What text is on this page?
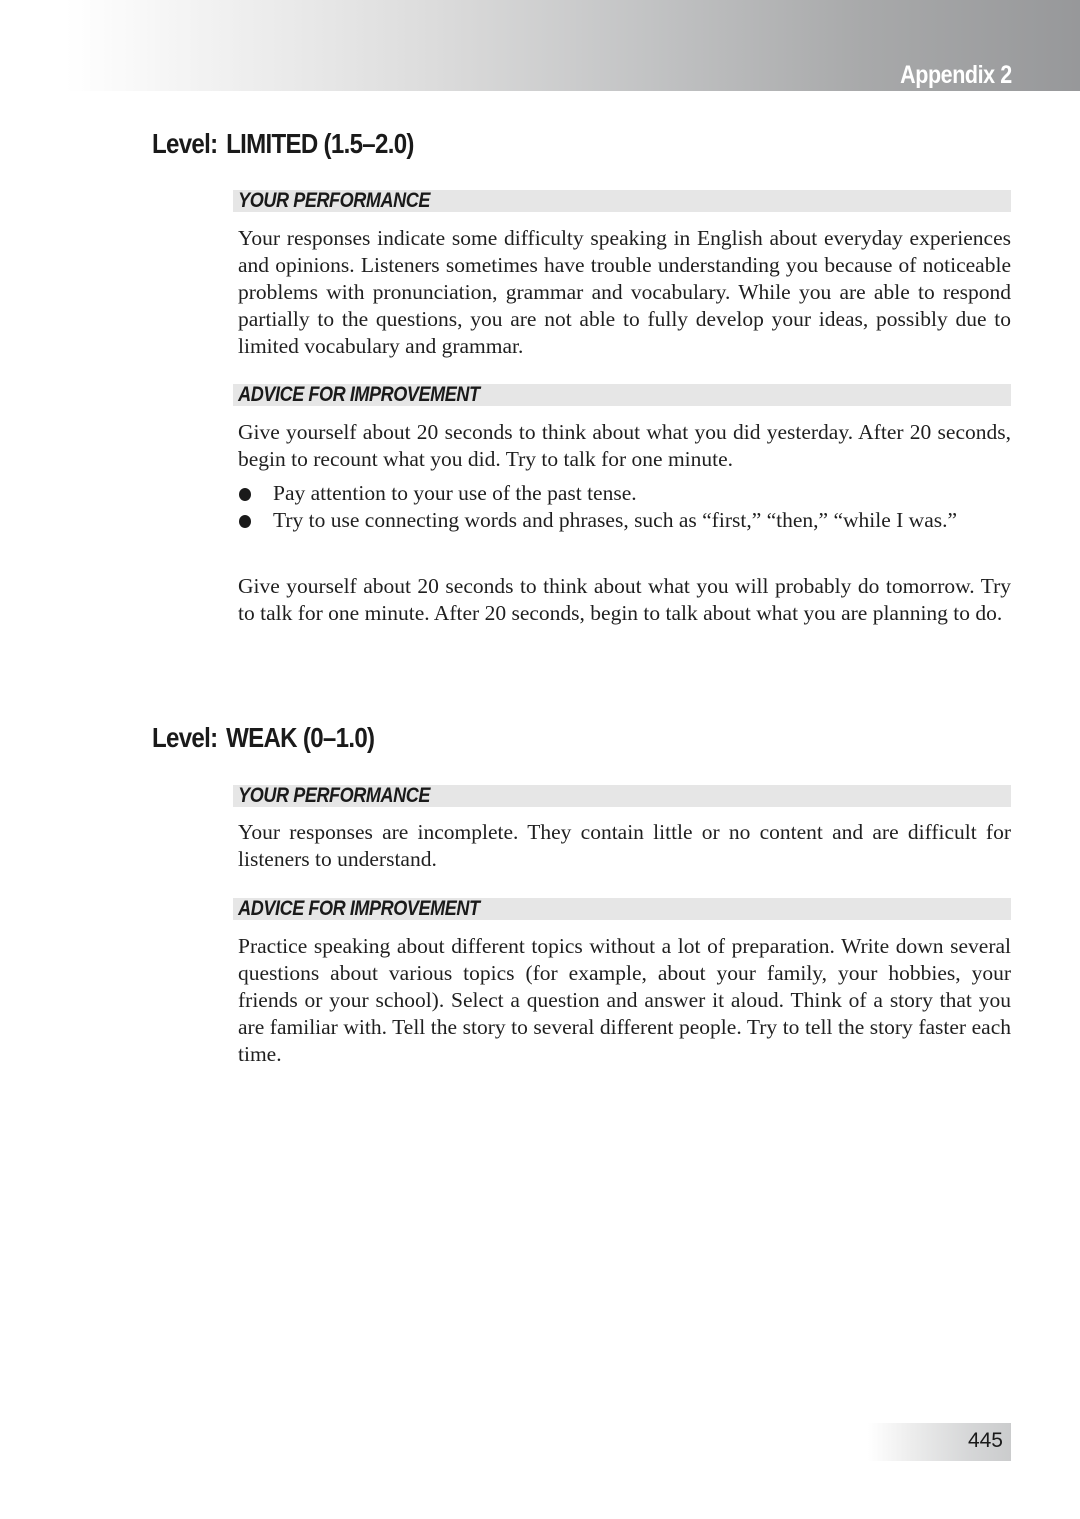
Appendix 2
Level: LIMITED (1.5–2.0)
YOUR PERFORMANCE

Your responses indicate some difficulty speaking in English about everyday experiences and opinions. Listeners sometimes have trouble understanding you because of noticeable problems with pronunciation, grammar and vocabulary. While you are able to respond partially to the questions, you are not able to fully develop your ideas, possibly due to limited vocabulary and grammar.

ADVICE FOR IMPROVEMENT

Give yourself about 20 seconds to think about what you did yesterday. After 20 seconds, begin to recount what you did. Try to talk for one minute.

Pay attention to your use of the past tense.
Try to use connecting words and phrases, such as “first,” “then,” “while I was.”

Give yourself about 20 seconds to think about what you will probably do tomorrow. Try to talk for one minute. After 20 seconds, begin to talk about what you are planning to do.

Level: WEAK (0–1.0)
YOUR PERFORMANCE

Your responses are incomplete. They contain little or no content and are difficult for listeners to understand.

ADVICE FOR IMPROVEMENT

Practice speaking about different topics without a lot of preparation. Write down several questions about various topics (for example, about your family, your hobbies, your friends or your school). Select a question and answer it aloud. Think of a story that you are familiar with. Tell the story to several different people. Try to tell the story faster each time.

445
